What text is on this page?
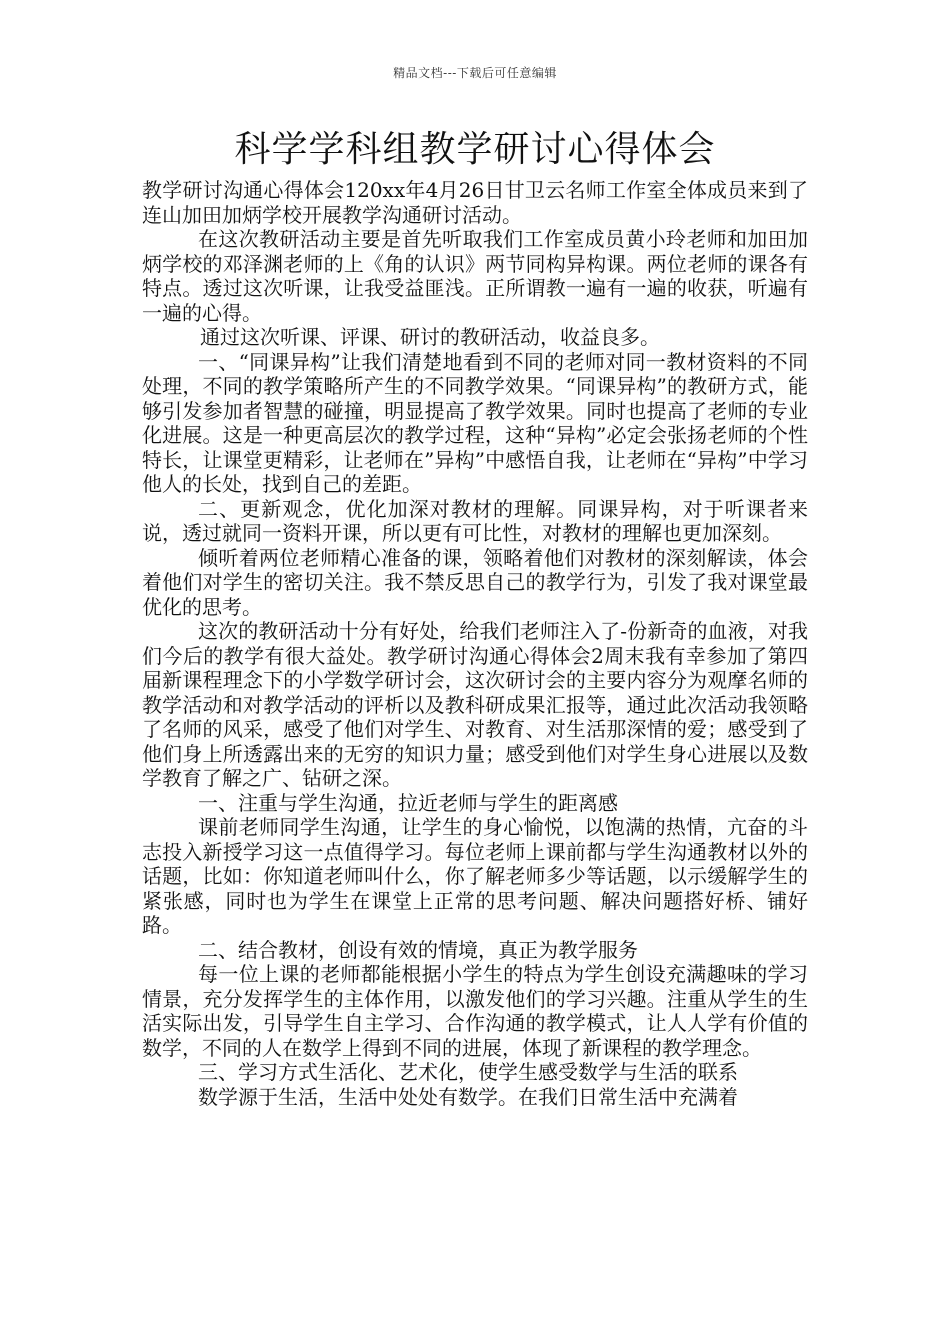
精品文档---下载后可任意编辑
科学学科组教学研讨心得体会

教学研讨沟通心得体会120xx年4月26日甘卫云名师工作室全体成员来到了连山加田加炳学校开展教学沟通研讨活动。

在这次教研活动主要是首先听取我们工作室成员黄小玲老师和加田加炳学校的邓泽渊老师的上《角的认识》两节同构异构课。两位老师的课各有特点。透过这次听课，让我受益匪浅。正所谓教一遍有一遍的收获，听遍有一遍的心得。

通过这次听课、评课、研讨的教研活动，收益良多。

一、“同课异构”让我们清楚地看到不同的老师对同一教材资料的不同处理，不同的教学策略所产生的不同教学效果。“同课异构”的教研方式，能够引发参加者智慧的碰撞，明显提高了教学效果。同时也提高了老师的专业化进展。这是一种更高层次的教学过程，这种“异构”必定会张扬老师的个性特长，让课堂更精彩，让老师在”异构”中感悟自我，让老师在“异构”中学习他人的长处，找到自己的差距。

二、更新观念，优化加深对教材的理解。同课异构，对于听课者来说，透过就同一资料开课，所以更有可比性，对教材的理解也更加深刻。

倾听着两位老师精心准备的课，领略着他们对教材的深刻解读，体会着他们对学生的密切关注。我不禁反思自己的教学行为，引发了我对课堂最优化的思考。

这次的教研活动十分有好处，给我们老师注入了-份新奇的血液，对我们今后的教学有很大益处。教学研讨沟通心得体会2周末我有幸参加了第四届新课程理念下的小学数学研讨会，这次研讨会的主要内容分为观摩名师的教学活动和对教学活动的评析以及教科研成果汇报等，通过此次活动我领略了名师的风采，感受了他们对学生、对教育、对生活那深情的爱；感受到了他们身上所透露出来的无穷的知识力量；感受到他们对学生身心进展以及数学教育了解之广、钻研之深。

一、注重与学生沟通，拉近老师与学生的距离感

课前老师同学生沟通，让学生的身心愉悦，以饱满的热情，亢奋的斗志投入新授学习这一点值得学习。每位老师上课前都与学生沟通教材以外的话题，比如：你知道老师叫什么，你了解老师多少等话题，以示缓解学生的紧张感，同时也为学生在课堂上正常的思考问题、解决问题搭好桥、铺好路。

二、结合教材，创设有效的情境，真正为教学服务

每一位上课的老师都能根据小学生的特点为学生创设充满趣味的学习情景，充分发挥学生的主体作用，以激发他们的学习兴趣。注重从学生的生活实际出发，引导学生自主学习、合作沟通的教学模式，让人人学有价值的数学，不同的人在数学上得到不同的进展，体现了新课程的教学理念。

三、学习方式生活化、艺术化，使学生感受数学与生活的联系

数学源于生活，生活中处处有数学。在我们日常生活中充满着
